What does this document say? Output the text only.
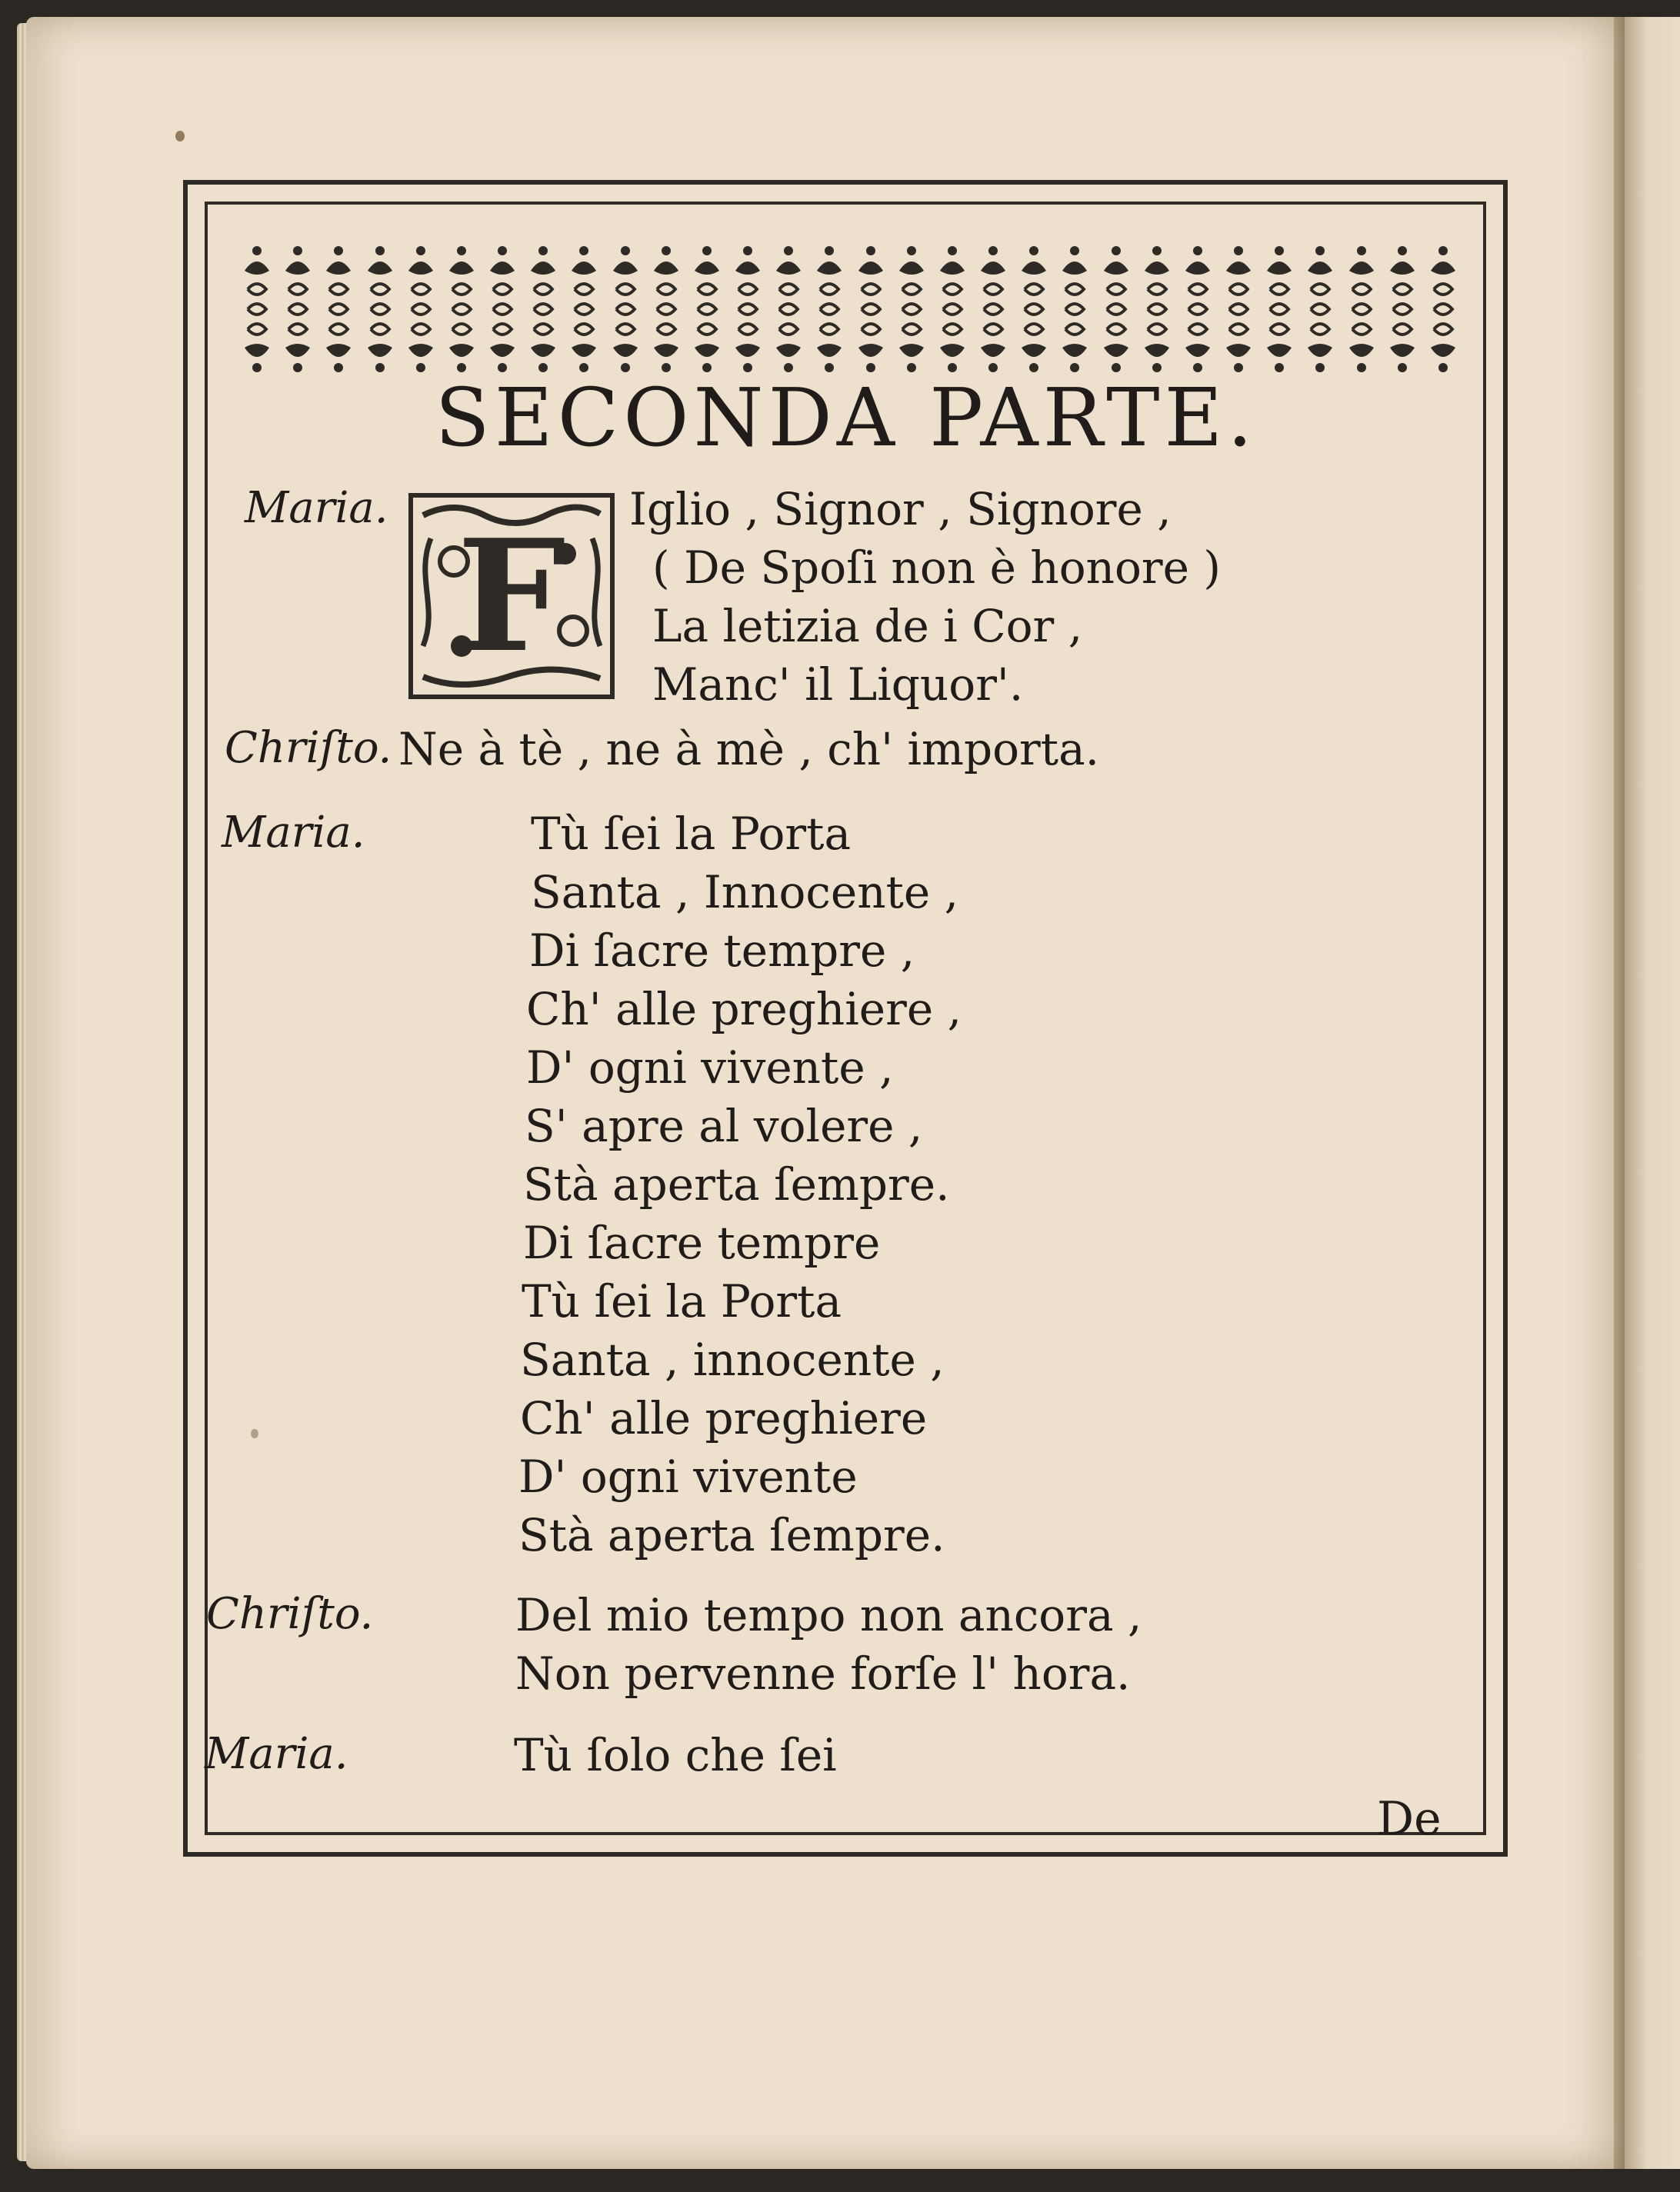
SECONDA PARTE.
F
Maria.	Iglio , Signor , Signore ,
( De Spoſi non è honore )
La letizia de i Cor ,
Manc' il Liquor'.
Chriſto. Ne à tè , ne à mè , ch' importa.
Maria.	Tù ſei la Porta
Santa , Innocente ,
Di ſacre tempre ,
Ch' alle preghiere ,
D' ogni vivente ,
S' apre al volere ,
Stà aperta ſempre.
Di ſacre tempre
Tù ſei la Porta
Santa , innocente ,
Ch' alle preghiere
D' ogni vivente
Stà aperta ſempre.
Chriſto.	Del mio tempo non ancora ,
Non pervenne forſe l' hora.
Maria.	Tù ſolo che ſei
De
